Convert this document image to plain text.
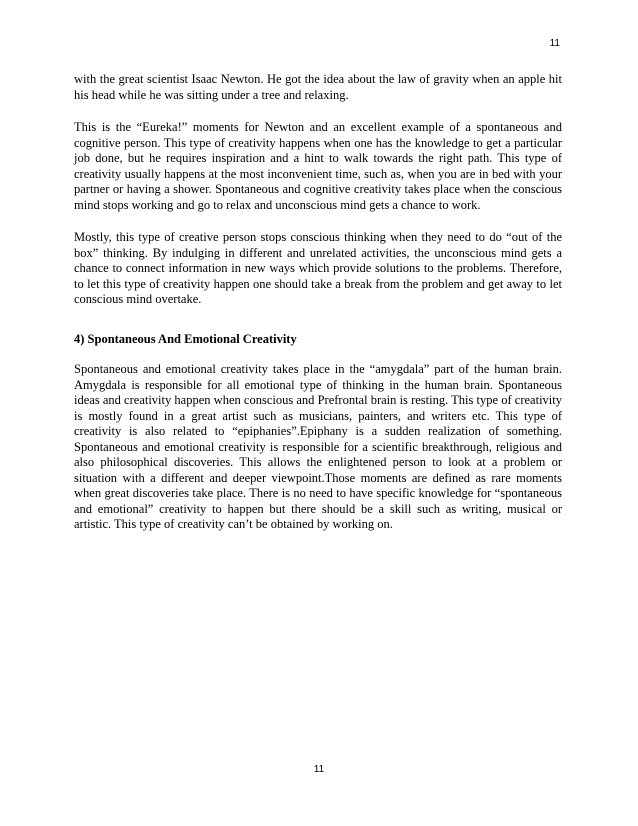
11

with the great scientist Isaac Newton. He got the idea about the law of gravity when an apple hit his head while he was sitting under a tree and relaxing.

This is the “Eureka!” moments for Newton and an excellent example of a spontaneous and cognitive person. This type of creativity happens when one has the knowledge to get a particular job done, but he requires inspiration and a hint to walk towards the right path. This type of creativity usually happens at the most inconvenient time, such as, when you are in bed with your partner or having a shower. Spontaneous and cognitive creativity takes place when the conscious mind stops working and go to relax and unconscious mind gets a chance to work.

Mostly, this type of creative person stops conscious thinking when they need to do “out of the box” thinking. By indulging in different and unrelated activities, the unconscious mind gets a chance to connect information in new ways which provide solutions to the problems. Therefore, to let this type of creativity happen one should take a break from the problem and get away to let conscious mind overtake.

4) Spontaneous And Emotional Creativity

Spontaneous and emotional creativity takes place in the “amygdala” part of the human brain. Amygdala is responsible for all emotional type of thinking in the human brain. Spontaneous ideas and creativity happen when conscious and Prefrontal brain is resting. This type of creativity is mostly found in a great artist such as musicians, painters, and writers etc. This type of creativity is also related to “epiphanies”.Epiphany is a sudden realization of something. Spontaneous and emotional creativity is responsible for a scientific breakthrough, religious and also philosophical discoveries. This allows the enlightened person to look at a problem or situation with a different and deeper viewpoint.Those moments are defined as rare moments when great discoveries take place. There is no need to have specific knowledge for “spontaneous and emotional” creativity to happen but there should be a skill such as writing, musical or artistic. This type of creativity can’t be obtained by working on.

11
